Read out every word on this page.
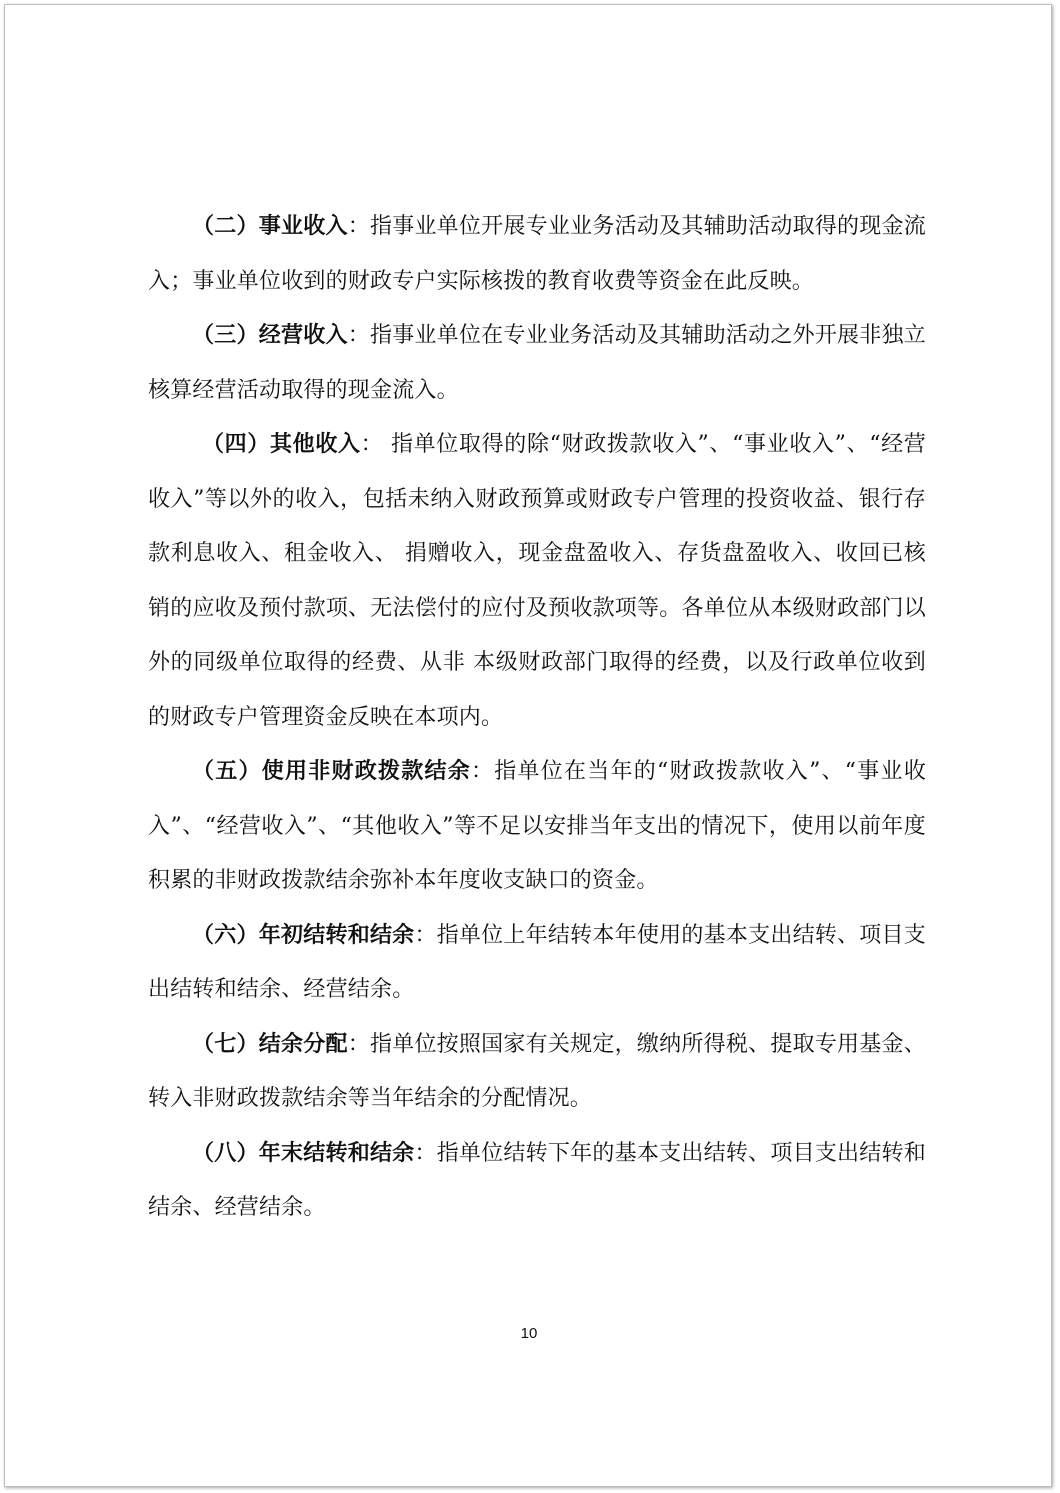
（二）事业收入：指事业单位开展专业业务活动及其辅助活动取得的现金流入；事业单位收到的财政专户实际核拨的教育收费等资金在此反映。

（三）经营收入：指事业单位在专业业务活动及其辅助活动之外开展非独立核算经营活动取得的现金流入。

（四）其他收入： 指单位取得的除“财政拨款收入”、“事业收入”、“经营收入”等以外的收入，包括未纳入财政预算或财政专户管理的投资收益、银行存款利息收入、租金收入、 捐赠收入，现金盘盈收入、存货盘盈收入、收回已核销的应收及预付款项、无法偿付的应付及预收款项等。各单位从本级财政部门以外的同级单位取得的经费、从非 本级财政部门取得的经费，以及行政单位收到的财政专户管理资金反映在本项内。

（五）使用非财政拨款结余：指单位在当年的“财政拨款收入”、“事业收入”、“经营收入”、“其他收入”等不足以安排当年支出的情况下，使用以前年度积累的非财政拨款结余弥补本年度收支缺口的资金。

（六）年初结转和结余：指单位上年结转本年使用的基本支出结转、项目支出结转和结余、经营结余。

（七）结余分配：指单位按照国家有关规定，缴纳所得税、提取专用基金、转入非财政拨款结余等当年结余的分配情况。

（八）年末结转和结余：指单位结转下年的基本支出结转、项目支出结转和结余、经营结余。

10
